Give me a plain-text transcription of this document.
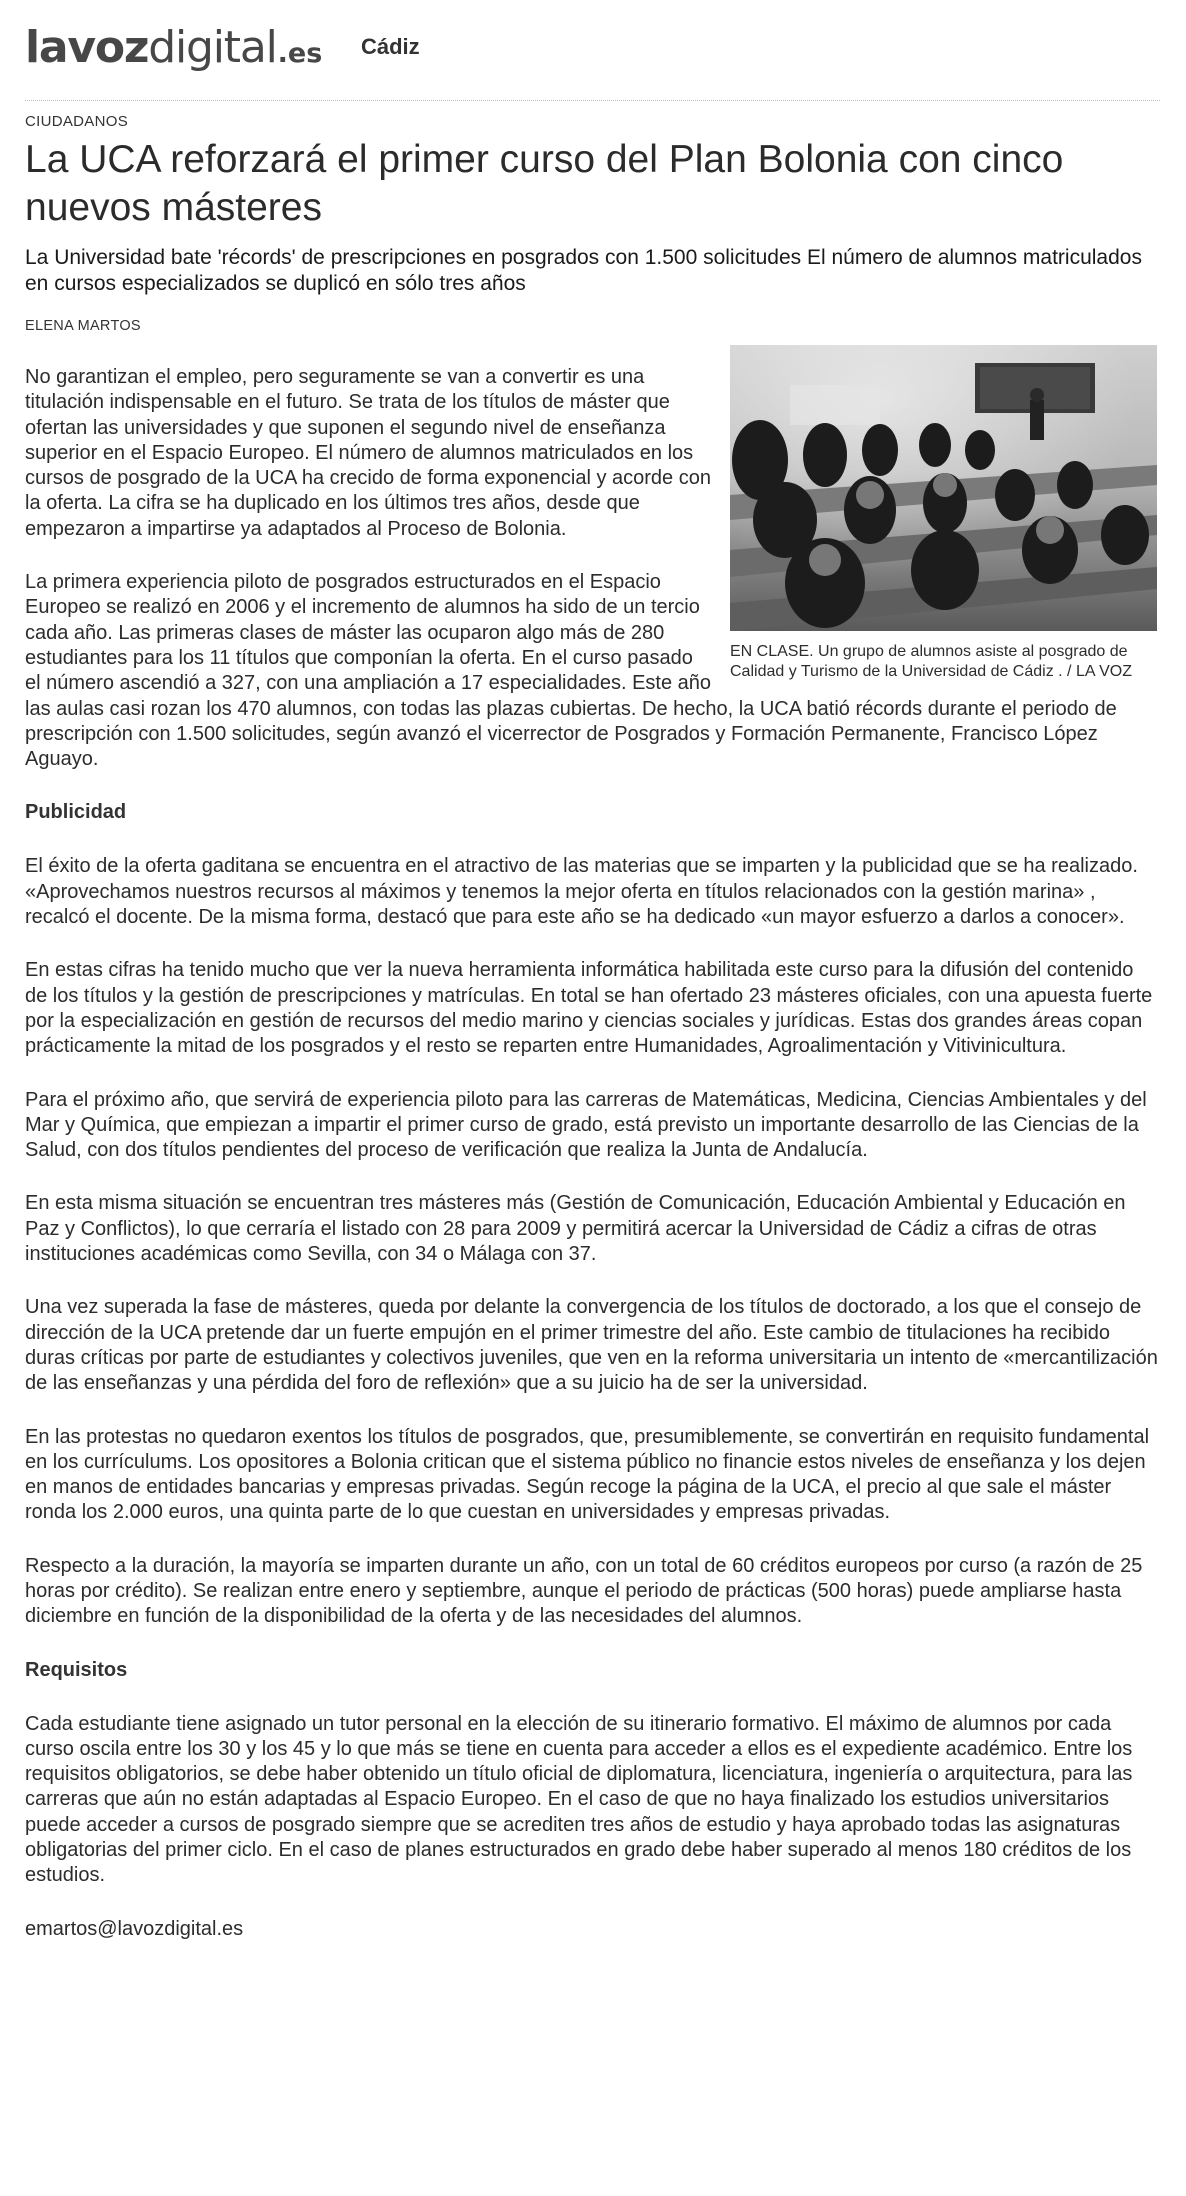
lavozdigital.es Cádiz
CIUDADANOS
La UCA reforzará el primer curso del Plan Bolonia con cinco nuevos másteres
La Universidad bate 'récords' de prescripciones en posgrados con 1.500 solicitudes El número de alumnos matriculados en cursos especializados se duplicó en sólo tres años
ELENA MARTOS
EN CLASE. Un grupo de alumnos asiste al posgrado de Calidad y Turismo de la Universidad de Cádiz . / LA VOZ

No garantizan el empleo, pero seguramente se van a convertir es una titulación indispensable en el futuro. Se trata de los títulos de máster que ofertan las universidades y que suponen el segundo nivel de enseñanza superior en el Espacio Europeo. El número de alumnos matriculados en los cursos de posgrado de la UCA ha crecido de forma exponencial y acorde con la oferta. La cifra se ha duplicado en los últimos tres años, desde que empezaron a impartirse ya adaptados al Proceso de Bolonia.

La primera experiencia piloto de posgrados estructurados en el Espacio Europeo se realizó en 2006 y el incremento de alumnos ha sido de un tercio cada año. Las primeras clases de máster las ocuparon algo más de 280 estudiantes para los 11 títulos que componían la oferta. En el curso pasado el número ascendió a 327, con una ampliación a 17 especialidades. Este año las aulas casi rozan los 470 alumnos, con todas las plazas cubiertas. De hecho, la UCA batió récords durante el periodo de prescripción con 1.500 solicitudes, según avanzó el vicerrector de Posgrados y Formación Permanente, Francisco López Aguayo.

Publicidad

El éxito de la oferta gaditana se encuentra en el atractivo de las materias que se imparten y la publicidad que se ha realizado. «Aprovechamos nuestros recursos al máximos y tenemos la mejor oferta en títulos relacionados con la gestión marina» , recalcó el docente. De la misma forma, destacó que para este año se ha dedicado «un mayor esfuerzo a darlos a conocer».

En estas cifras ha tenido mucho que ver la nueva herramienta informática habilitada este curso para la difusión del contenido de los títulos y la gestión de prescripciones y matrículas. En total se han ofertado 23 másteres oficiales, con una apuesta fuerte por la especialización en gestión de recursos del medio marino y ciencias sociales y jurídicas. Estas dos grandes áreas copan prácticamente la mitad de los posgrados y el resto se reparten entre Humanidades, Agroalimentación y Vitivinicultura.

Para el próximo año, que servirá de experiencia piloto para las carreras de Matemáticas, Medicina, Ciencias Ambientales y del Mar y Química, que empiezan a impartir el primer curso de grado, está previsto un importante desarrollo de las Ciencias de la Salud, con dos títulos pendientes del proceso de verificación que realiza la Junta de Andalucía.

En esta misma situación se encuentran tres másteres más (Gestión de Comunicación, Educación Ambiental y Educación en Paz y Conflictos), lo que cerraría el listado con 28 para 2009 y permitirá acercar la Universidad de Cádiz a cifras de otras instituciones académicas como Sevilla, con 34 o Málaga con 37.

Una vez superada la fase de másteres, queda por delante la convergencia de los títulos de doctorado, a los que el consejo de dirección de la UCA pretende dar un fuerte empujón en el primer trimestre del año. Este cambio de titulaciones ha recibido duras críticas por parte de estudiantes y colectivos juveniles, que ven en la reforma universitaria un intento de «mercantilización de las enseñanzas y una pérdida del foro de reflexión» que a su juicio ha de ser la universidad.

En las protestas no quedaron exentos los títulos de posgrados, que, presumiblemente, se convertirán en requisito fundamental en los currículums. Los opositores a Bolonia critican que el sistema público no financie estos niveles de enseñanza y los dejen en manos de entidades bancarias y empresas privadas. Según recoge la página de la UCA, el precio al que sale el máster ronda los 2.000 euros, una quinta parte de lo que cuestan en universidades y empresas privadas.

Respecto a la duración, la mayoría se imparten durante un año, con un total de 60 créditos europeos por curso (a razón de 25 horas por crédito). Se realizan entre enero y septiembre, aunque el periodo de prácticas (500 horas) puede ampliarse hasta diciembre en función de la disponibilidad de la oferta y de las necesidades del alumnos.

Requisitos

Cada estudiante tiene asignado un tutor personal en la elección de su itinerario formativo. El máximo de alumnos por cada curso oscila entre los 30 y los 45 y lo que más se tiene en cuenta para acceder a ellos es el expediente académico. Entre los requisitos obligatorios, se debe haber obtenido un título oficial de diplomatura, licenciatura, ingeniería o arquitectura, para las carreras que aún no están adaptadas al Espacio Europeo. En el caso de que no haya finalizado los estudios universitarios puede acceder a cursos de posgrado siempre que se acrediten tres años de estudio y haya aprobado todas las asignaturas obligatorias del primer ciclo. En el caso de planes estructurados en grado debe haber superado al menos 180 créditos de los estudios.

emartos@lavozdigital.es
